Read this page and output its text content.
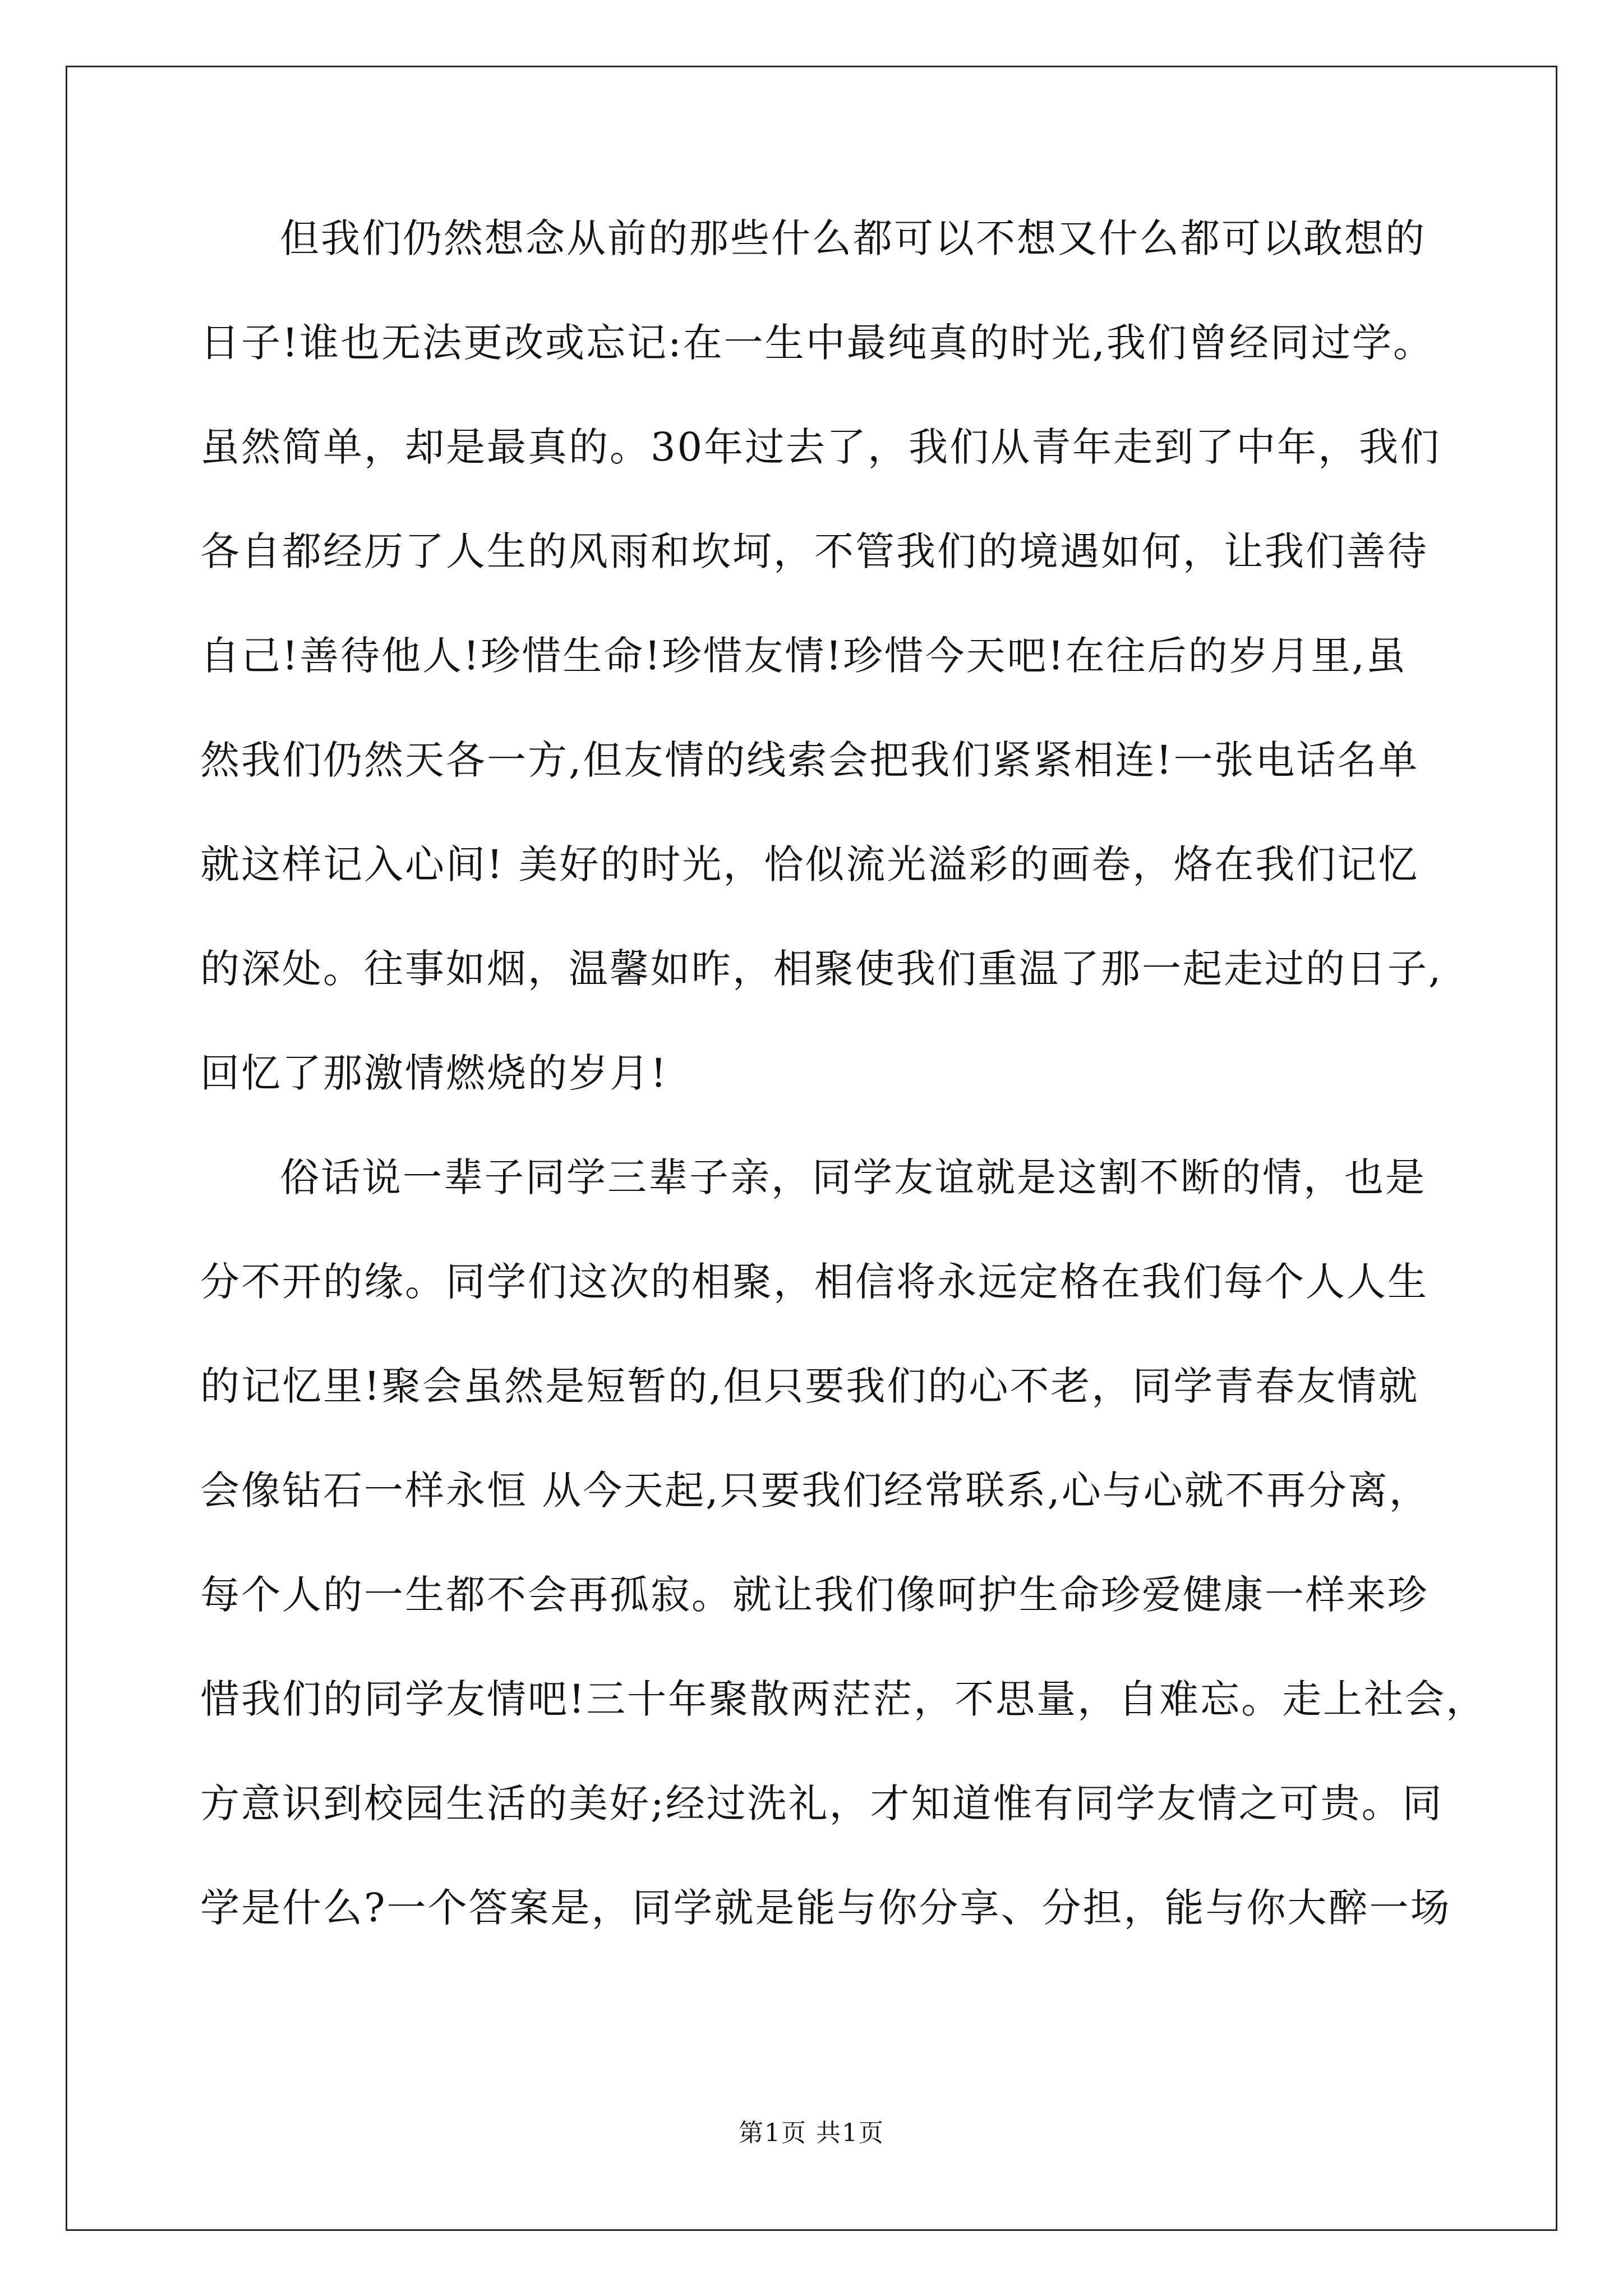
但我们仍然想念从前的那些什么都可以不想又什么都可以敢想的
日子!谁也无法更改或忘记:在一生中最纯真的时光,我们曾经同过学。
虽然简单，却是最真的。30年过去了，我们从青年走到了中年，我们
各自都经历了人生的风雨和坎坷，不管我们的境遇如何，让我们善待
自己!善待他人!珍惜生命!珍惜友情!珍惜今天吧!在往后的岁月里,虽
然我们仍然天各一方,但友情的线索会把我们紧紧相连!一张电话名单
就这样记入心间! 美好的时光，恰似流光溢彩的画卷，烙在我们记忆
的深处。往事如烟，温馨如昨，相聚使我们重温了那一起走过的日子,
回忆了那激情燃烧的岁月!
俗话说一辈子同学三辈子亲，同学友谊就是这割不断的情，也是
分不开的缘。同学们这次的相聚，相信将永远定格在我们每个人人生
的记忆里!聚会虽然是短暂的,但只要我们的心不老，同学青春友情就
会像钻石一样永恒 从今天起,只要我们经常联系,心与心就不再分离，
每个人的一生都不会再孤寂。就让我们像呵护生命珍爱健康一样来珍
惜我们的同学友情吧!三十年聚散两茫茫，不思量，自难忘。走上社会，
方意识到校园生活的美好;经过洗礼，才知道惟有同学友情之可贵。同
学是什么?一个答案是，同学就是能与你分享、分担，能与你大醉一场
第1页 共1页
